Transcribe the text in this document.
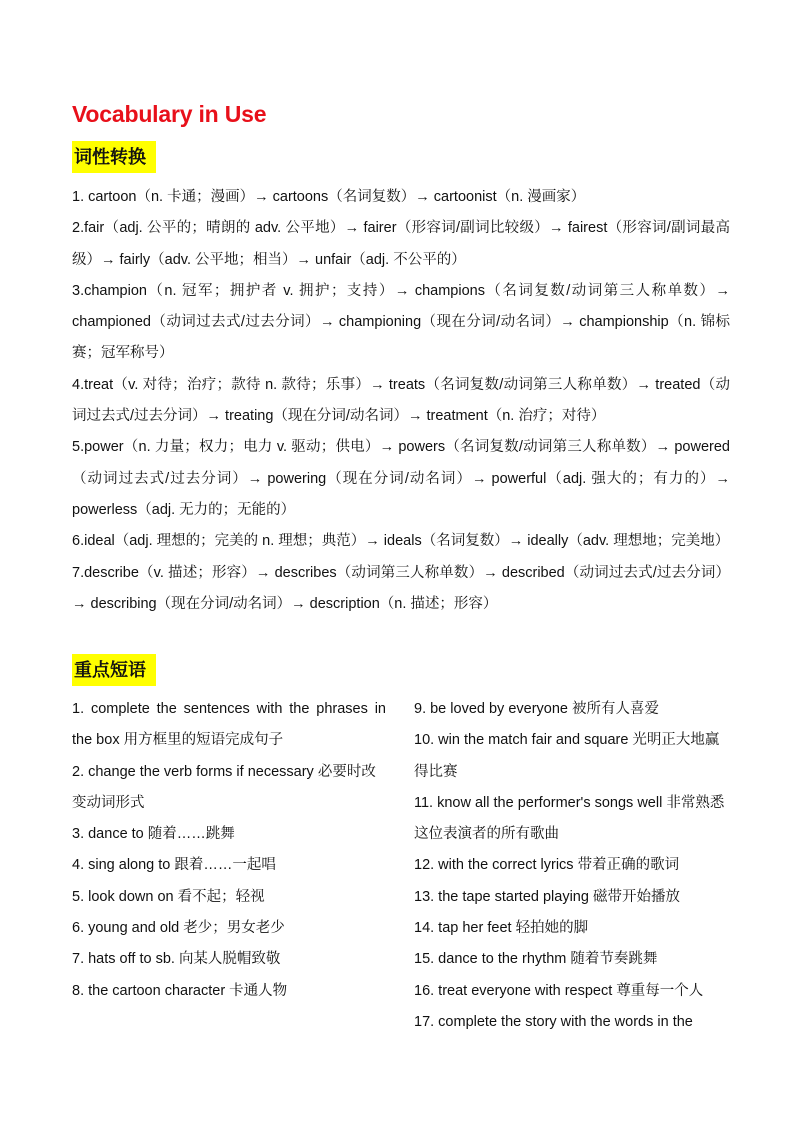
Vocabulary in Use
词性转换
1. cartoon（n. 卡通；漫画）→ cartoons（名词复数）→ cartoonist（n. 漫画家）
2.fair（adj. 公平的；晴朗的 adv. 公平地）→ fairer（形容词/副词比较级）→ fairest（形容词/副词最高级）→ fairly（adv. 公平地；相当）→ unfair（adj. 不公平的）
3.champion（n. 冠军；拥护者 v. 拥护；支持）→ champions（名词复数/动词第三人称单数）→ championed（动词过去式/过去分词）→ championing（现在分词/动名词）→ championship（n. 锦标赛；冠军称号）
4.treat（v. 对待；治疗；款待 n. 款待；乐事）→ treats（名词复数/动词第三人称单数）→ treated（动词过去式/过去分词）→ treating（现在分词/动名词）→ treatment（n. 治疗；对待）
5.power（n. 力量；权力；电力 v. 驱动；供电）→ powers（名词复数/动词第三人称单数）→ powered（动词过去式/过去分词）→ powering（现在分词/动名词）→ powerful（adj. 强大的；有力的）→ powerless（adj. 无力的；无能的）
6.ideal（adj. 理想的；完美的 n. 理想；典范）→ ideals（名词复数）→ ideally（adv. 理想地；完美地）
7.describe（v. 描述；形容）→ describes（动词第三人称单数）→ described（动词过去式/过去分词）→ describing（现在分词/动名词）→ description（n. 描述；形容）
重点短语
1. complete the sentences with the phrases in the box 用方框里的短语完成句子
2. change the verb forms if necessary 必要时改变动词形式
3. dance to 随着……跳舞
4. sing along to 跟着……一起唱
5. look down on 看不起；轻视
6. young and old 老少；男女老少
7. hats off to sb. 向某人脱帽致敬
8. the cartoon character 卡通人物
9. be loved by everyone 被所有人喜爱
10. win the match fair and square 光明正大地赢得比赛
11. know all the performer's songs well 非常熟悉这位表演者的所有歌曲
12. with the correct lyrics 带着正确的歌词
13. the tape started playing 磁带开始播放
14. tap her feet 轻拍她的脚
15. dance to the rhythm 随着节奏跳舞
16. treat everyone with respect 尊重每一个人
17. complete the story with the words in the
